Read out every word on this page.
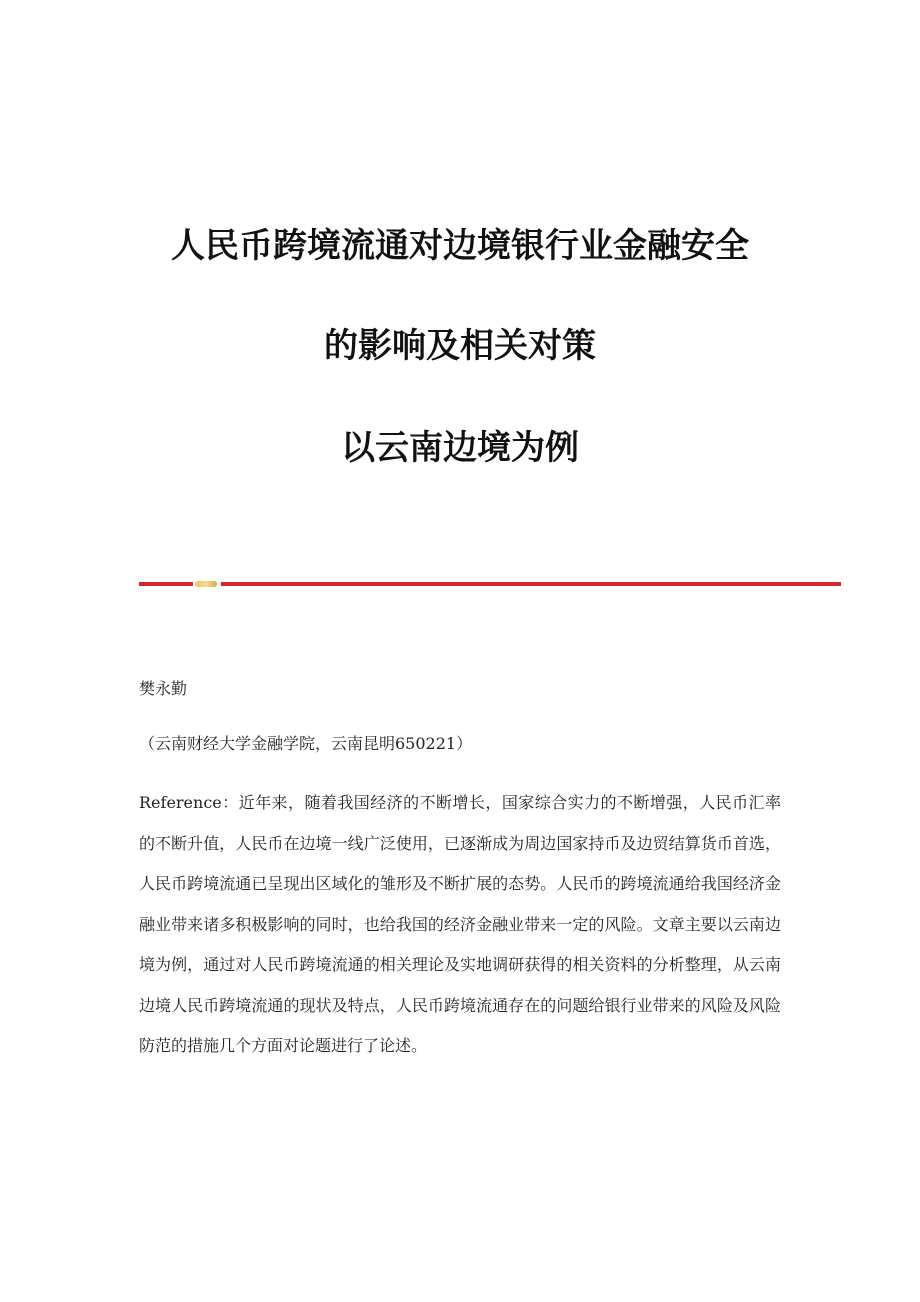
人民币跨境流通对边境银行业金融安全
的影响及相关对策
以云南边境为例
樊永勤
（云南财经大学金融学院，云南昆明650221）
Reference：近年来，随着我国经济的不断增长，国家综合实力的不断增强，人民币汇率的不断升值，人民币在边境一线广泛使用，已逐渐成为周边国家持币及边贸结算货币首选，人民币跨境流通已呈现出区域化的雏形及不断扩展的态势。人民币的跨境流通给我国经济金融业带来诸多积极影响的同时，也给我国的经济金融业带来一定的风险。文章主要以云南边境为例，通过对人民币跨境流通的相关理论及实地调研获得的相关资料的分析整理，从云南边境人民币跨境流通的现状及特点，人民币跨境流通存在的问题给银行业带来的风险及风险防范的措施几个方面对论题进行了论述。
